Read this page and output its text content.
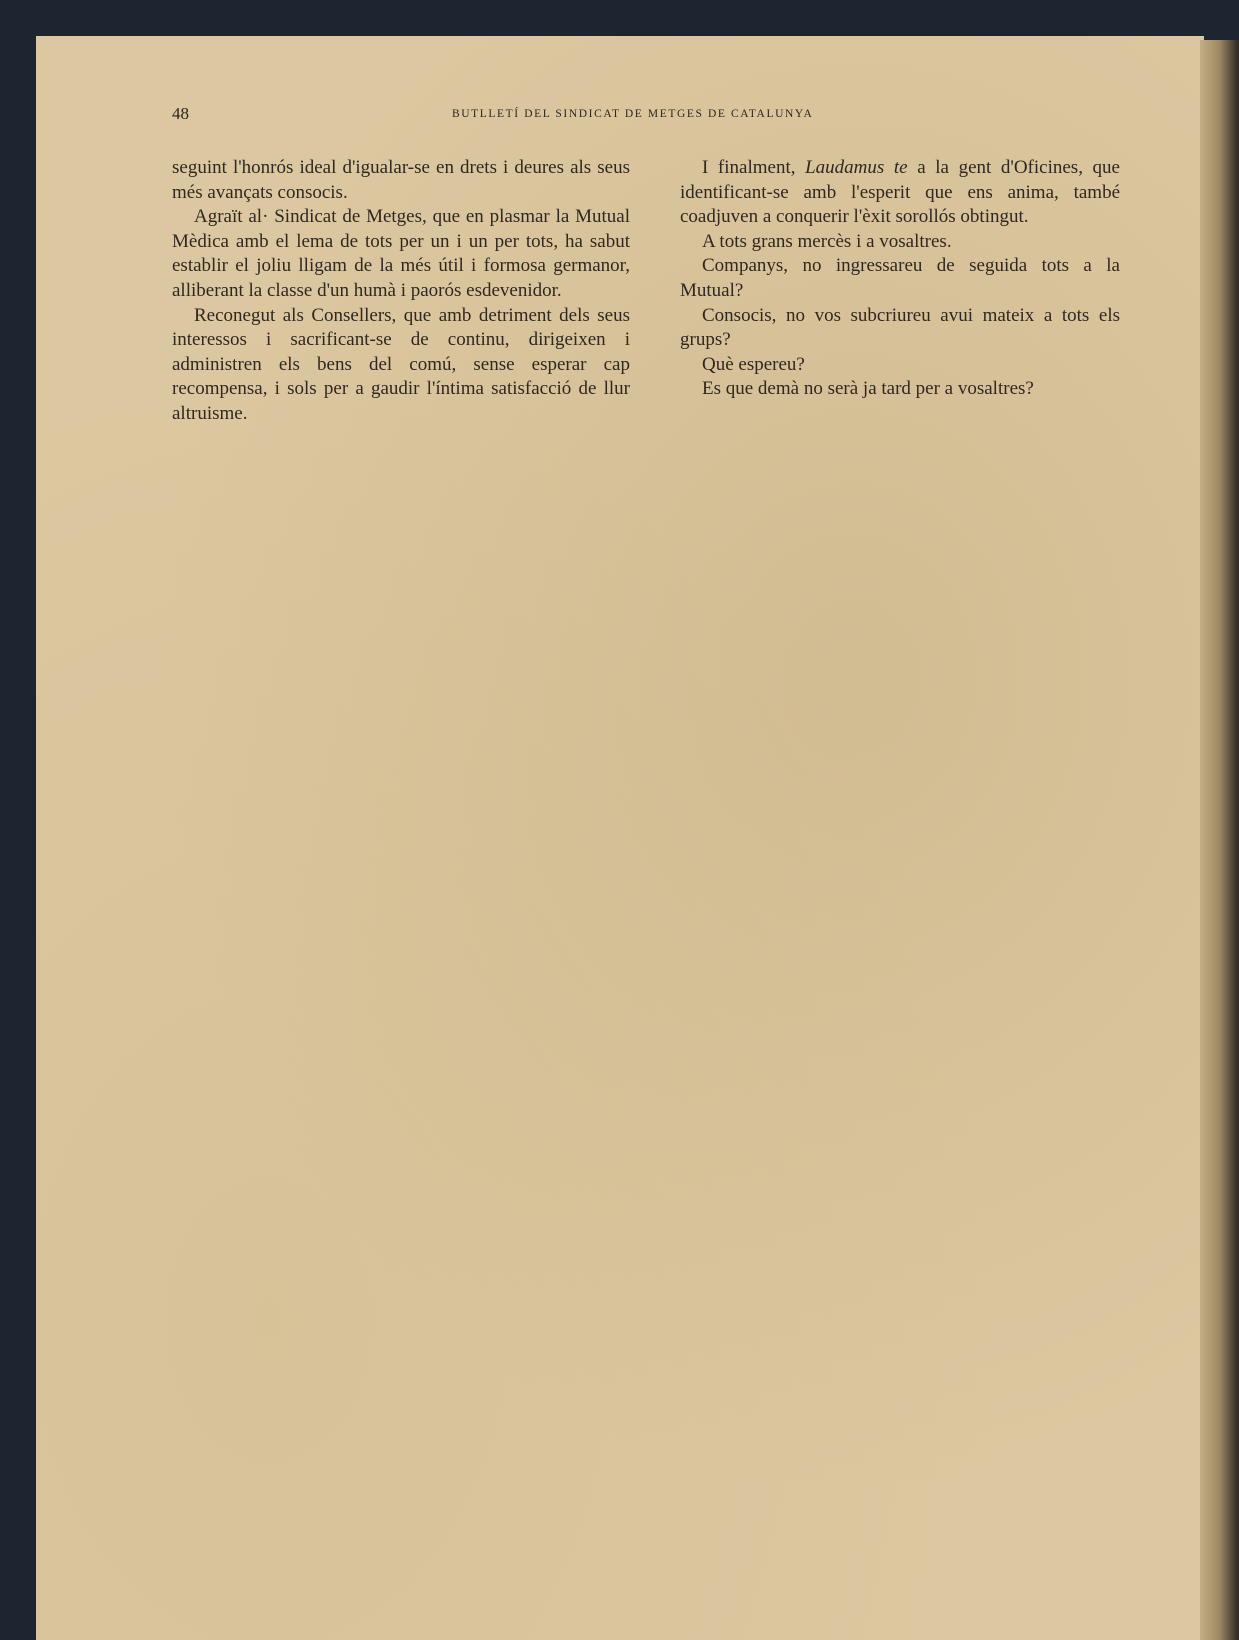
48	BUTLLETÍ DEL SINDICAT DE METGES DE CATALUNYA

seguint l'honrós ideal d'igualar-se en drets i deures als seus més avançats consocis.

Agraït al· Sindicat de Metges, que en plasmar la Mutual Mèdica amb el lema de tots per un i un per tots, ha sabut establir el joliu lligam de la més útil i formosa germanor, alliberant la classe d'un humà i paorós esdevenidor.

Reconegut als Consellers, que amb detriment dels seus interessos i sacrificant-se de continu, dirigeixen i administren els bens del comú, sense esperar cap recompensa, i sols per a gaudir l'íntima satisfacció de llur altruisme.

I finalment, Laudamus te a la gent d'Oficines, que identificant-se amb l'esperit que ens anima, també coadjuven a conquerir l'èxit sorollós obtingut.

A tots grans mercès i a vosaltres.

Companys, no ingressareu de seguida tots a la Mutual?

Consocis, no vos subcriureu avui mateix a tots els grups?

Què espereu?

Es que demà no serà ja tard per a vosaltres?
